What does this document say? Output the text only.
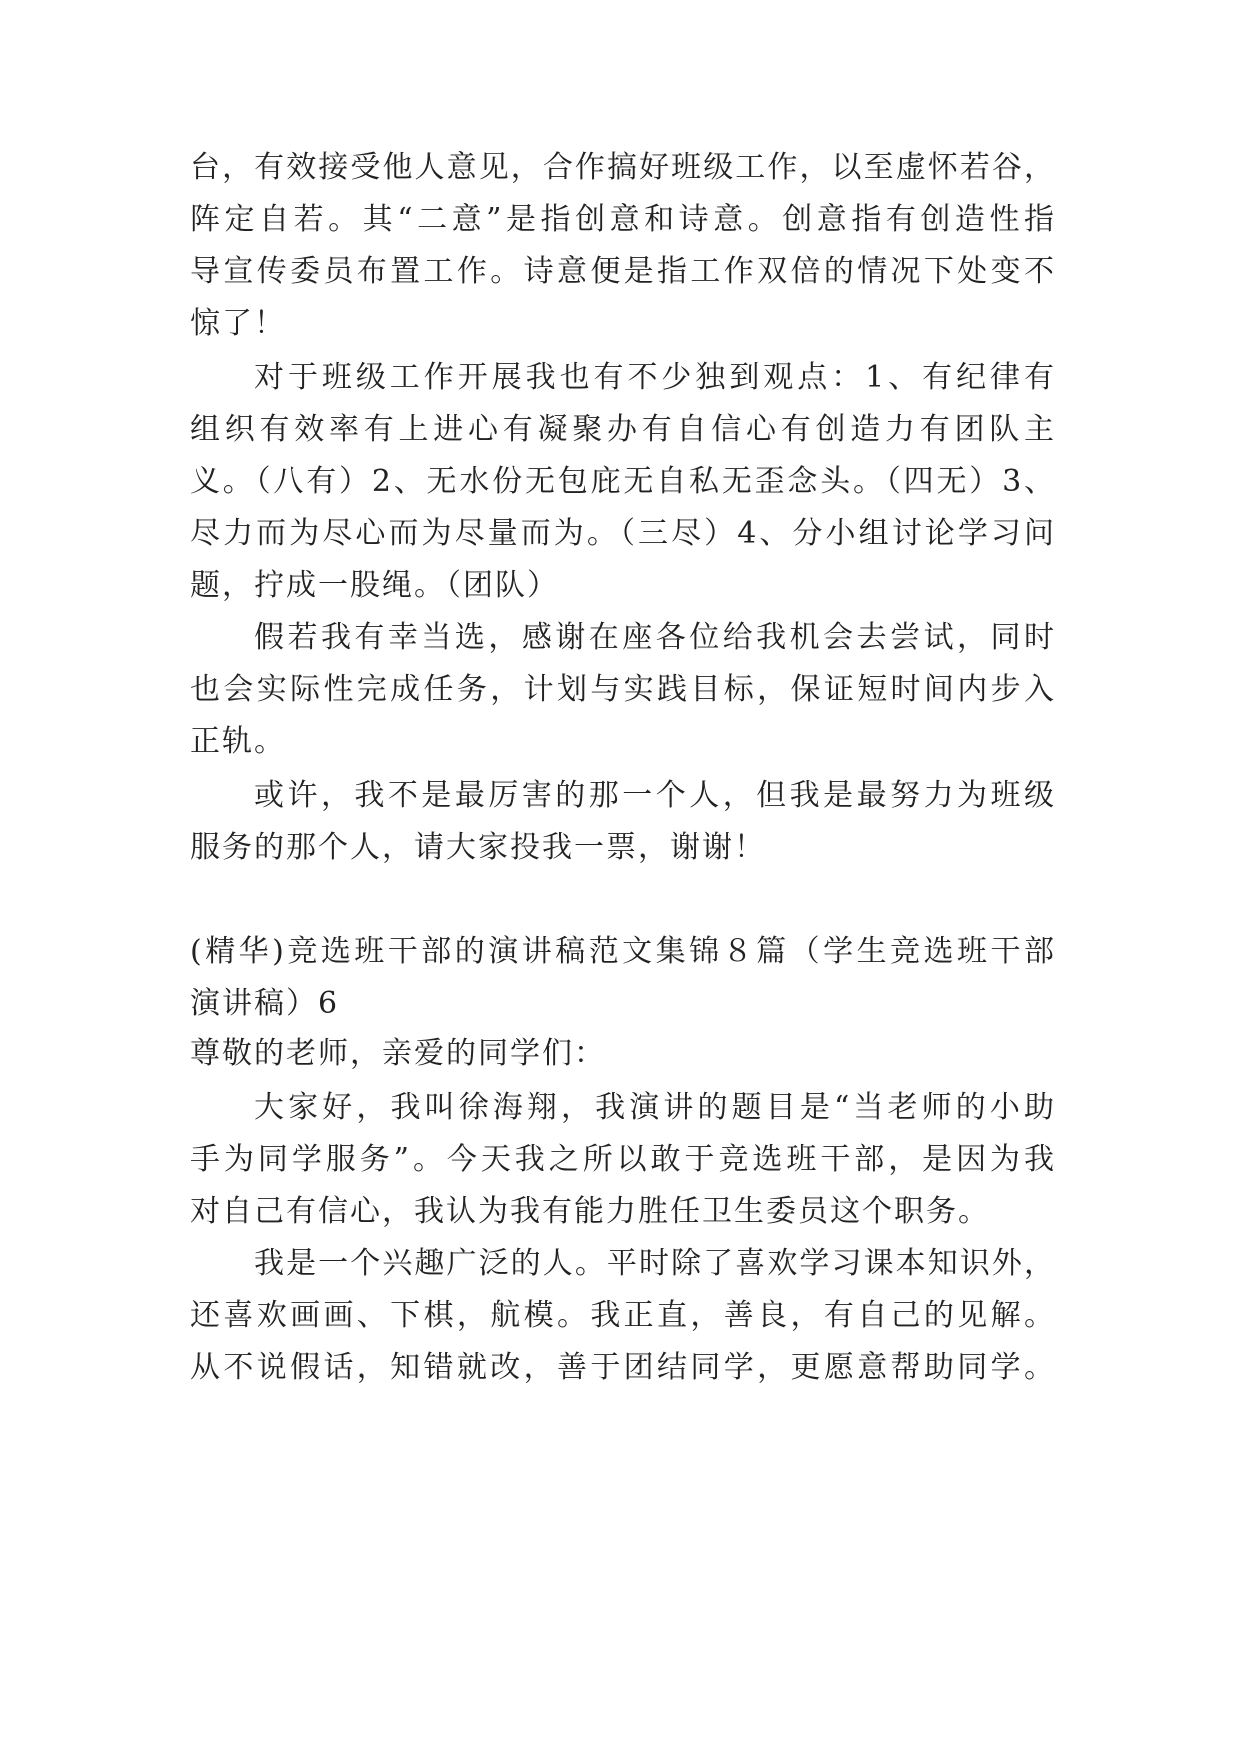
台，有效接受他人意见，合作搞好班级工作，以至虚怀若谷，
阵定自若。其“二意”是指创意和诗意。创意指有创造性指
导宣传委员布置工作。诗意便是指工作双倍的情况下处变不
惊了！
对于班级工作开展我也有不少独到观点：1、有纪律有
组织有效率有上进心有凝聚办有自信心有创造力有团队主
义。（八有）2、无水份无包庇无自私无歪念头。（四无）3、
尽力而为尽心而为尽量而为。（三尽）4、分小组讨论学习问
题，拧成一股绳。（团队）
假若我有幸当选，感谢在座各位给我机会去尝试，同时
也会实际性完成任务，计划与实践目标，保证短时间内步入
正轨。
或许，我不是最厉害的那一个人，但我是最努力为班级
服务的那个人，请大家投我一票，谢谢！
(精华)竞选班干部的演讲稿范文集锦８篇（学生竞选班干部
演讲稿）6
尊敬的老师，亲爱的同学们：
大家好，我叫徐海翔，我演讲的题目是“当老师的小助
手为同学服务”。今天我之所以敢于竞选班干部，是因为我
对自己有信心，我认为我有能力胜任卫生委员这个职务。
我是一个兴趣广泛的人。平时除了喜欢学习课本知识外，
还喜欢画画、下棋，航模。我正直，善良，有自己的见解。
从不说假话，知错就改，善于团结同学，更愿意帮助同学。
